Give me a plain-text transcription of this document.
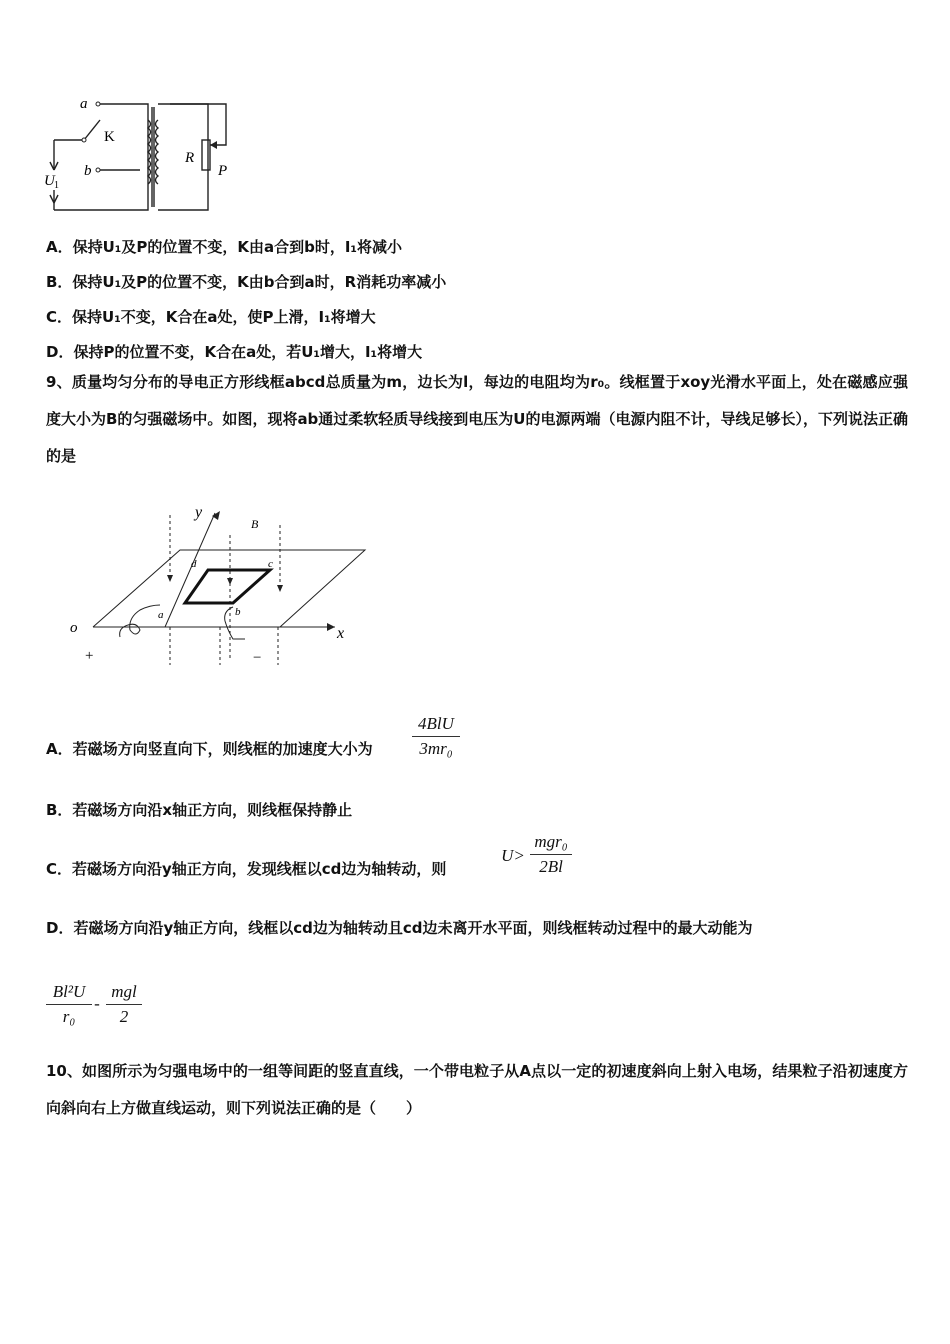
a
K
b
R
P
U 1
A．保持U₁及P的位置不变，K由a合到b时，I₁将减小
B．保持U₁及P的位置不变，K由b合到a时，R消耗功率减小
C．保持U₁不变，K合在a处，使P上滑，I₁将增大
D．保持P的位置不变，K合在a处，若U₁增大，I₁将增大
9、质量均匀分布的导电正方形线框abcd总质量为m，边长为l，每边的电阻均为r₀。线框置于xoy光滑水平面上，处在磁感应强度大小为B的匀强磁场中。如图，现将ab通过柔软轻质导线接到电压为U的电源两端（电源内阻不计，导线足够长），下列说法正确的是
y
B
d	c
a	b
o	x
+	−
A．若磁场方向竖直向下，则线框的加速度大小为
4BlU
3mr₀
B．若磁场方向沿x轴正方向，则线框保持静止
C．若磁场方向沿y轴正方向，发现线框以cd边为轴转动，则
U>
mgr₀
2Bl
D．若磁场方向沿y轴正方向，线框以cd边为轴转动且cd边未离开水平面，则线框转动过程中的最大动能为
Bl²U
r₀
-
mgl
2
10、如图所示为匀强电场中的一组等间距的竖直直线，一个带电粒子从A点以一定的初速度斜向上射入电场，结果粒子沿初速度方向斜向右上方做直线运动，则下列说法正确的是（　　）
